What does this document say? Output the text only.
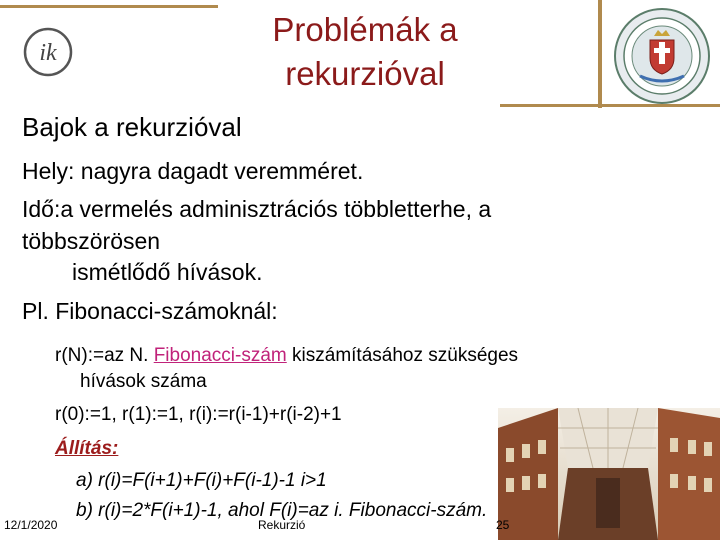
ik
Problémák a
rekurzióval
Bajok a rekurzióval
Hely: nagyra dagadt veremméret.
Idő:a vermelés adminisztrációs többletterhe, a
többszörösen
ismétlődő hívások.
Pl. Fibonacci-számoknál:
r(N):=az N. Fibonacci-szám kiszámításához szükséges
hívások száma
r(0):=1, r(1):=1, r(i):=r(i-1)+r(i-2)+1
Állítás:
a) r(i)=F(i+1)+F(i)+F(i-1)-1 i>1
b) r(i)=2*F(i+1)-1, ahol F(i)=az i. Fibonacci-szám.
12/1/2020	Rekurzió	25
